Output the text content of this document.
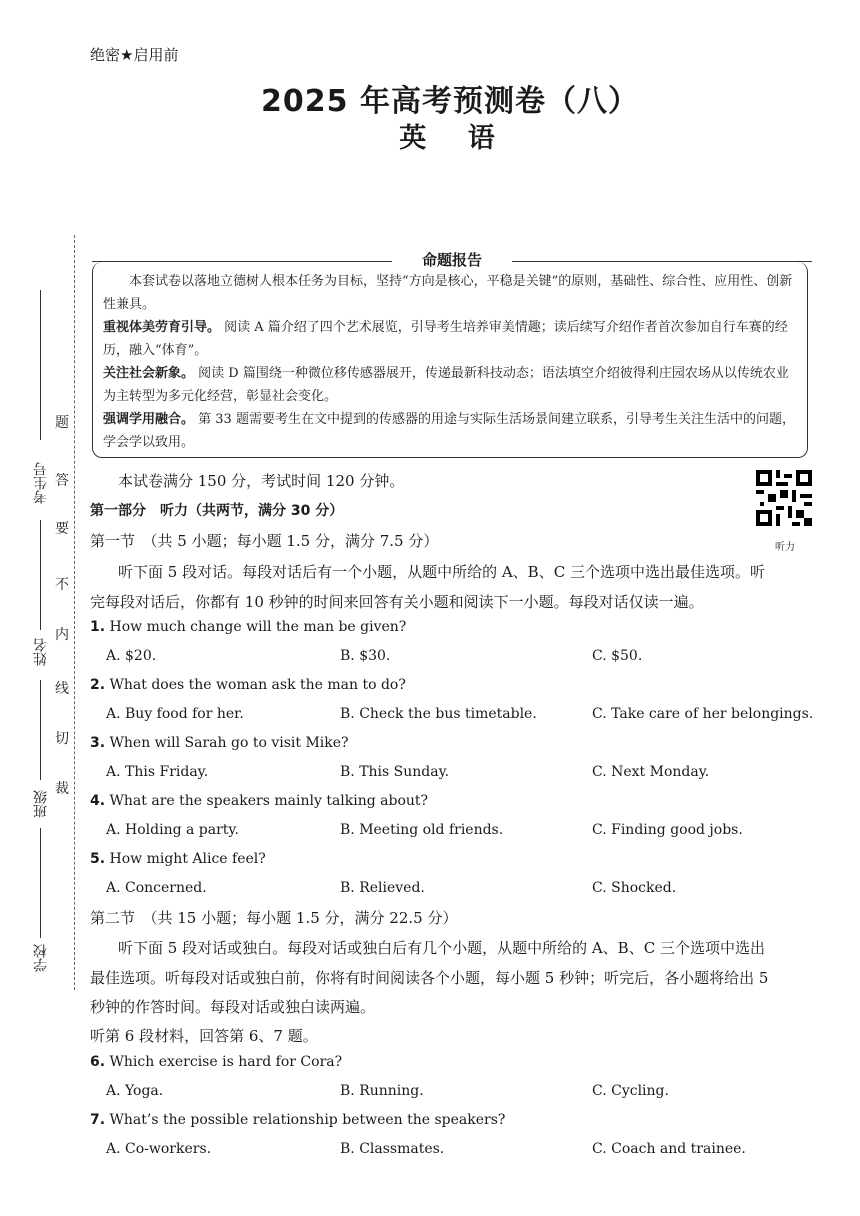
绝密★启用前
2025 年高考预测卷（八）
英 语
题
答
要
不
内
线
切
裁
考生号
姓名
班级
学校
命题报告

本套试卷以落地立德树人根本任务为目标，坚持“方向是核心，平稳是关键”的原则，基础性、综合性、应用性、创新性兼具。

重视体美劳育引导。 阅读 A 篇介绍了四个艺术展览，引导考生培养审美情趣；读后续写介绍作者首次参加自行车赛的经历，融入“体育”。

关注社会新象。 阅读 D 篇围绕一种微位移传感器展开，传递最新科技动态；语法填空介绍彼得利庄园农场从以传统农业为主转型为多元化经营，彰显社会变化。

强调学用融合。 第 33 题需要考生在文中提到的传感器的用途与实际生活场景间建立联系，引导考生关注生活中的问题，学会学以致用。

本试卷满分 150 分，考试时间 120 分钟。
听力
第一部分　听力（共两节，满分 30 分）
第一节　（共 5 小题；每小题 1.5 分，满分 7.5 分）
听下面 5 段对话。每段对话后有一个小题，从题中所给的 A、B、C 三个选项中选出最佳选项。听
完每段对话后，你都有 10 秒钟的时间来回答有关小题和阅读下一小题。每段对话仅读一遍。
1. How much change will the man be given?
A. $20.	B. $30.	C. $50.
2. What does the woman ask the man to do?
A. Buy food for her.	B. Check the bus timetable.	C. Take care of her belongings.
3. When will Sarah go to visit Mike?
A. This Friday.	B. This Sunday.	C. Next Monday.
4. What are the speakers mainly talking about?
A. Holding a party.	B. Meeting old friends.	C. Finding good jobs.
5. How might Alice feel?
A. Concerned.	B. Relieved.	C. Shocked.
第二节　（共 15 小题；每小题 1.5 分，满分 22.5 分）
听下面 5 段对话或独白。每段对话或独白后有几个小题，从题中所给的 A、B、C 三个选项中选出
最佳选项。听每段对话或独白前，你将有时间阅读各个小题，每小题 5 秒钟；听完后，各小题将给出 5
秒钟的作答时间。每段对话或独白读两遍。
听第 6 段材料，回答第 6、7 题。
6. Which exercise is hard for Cora?
A. Yoga.	B. Running.	C. Cycling.
7. What’s the possible relationship between the speakers?
A. Co-workers.	B. Classmates.	C. Coach and trainee.
